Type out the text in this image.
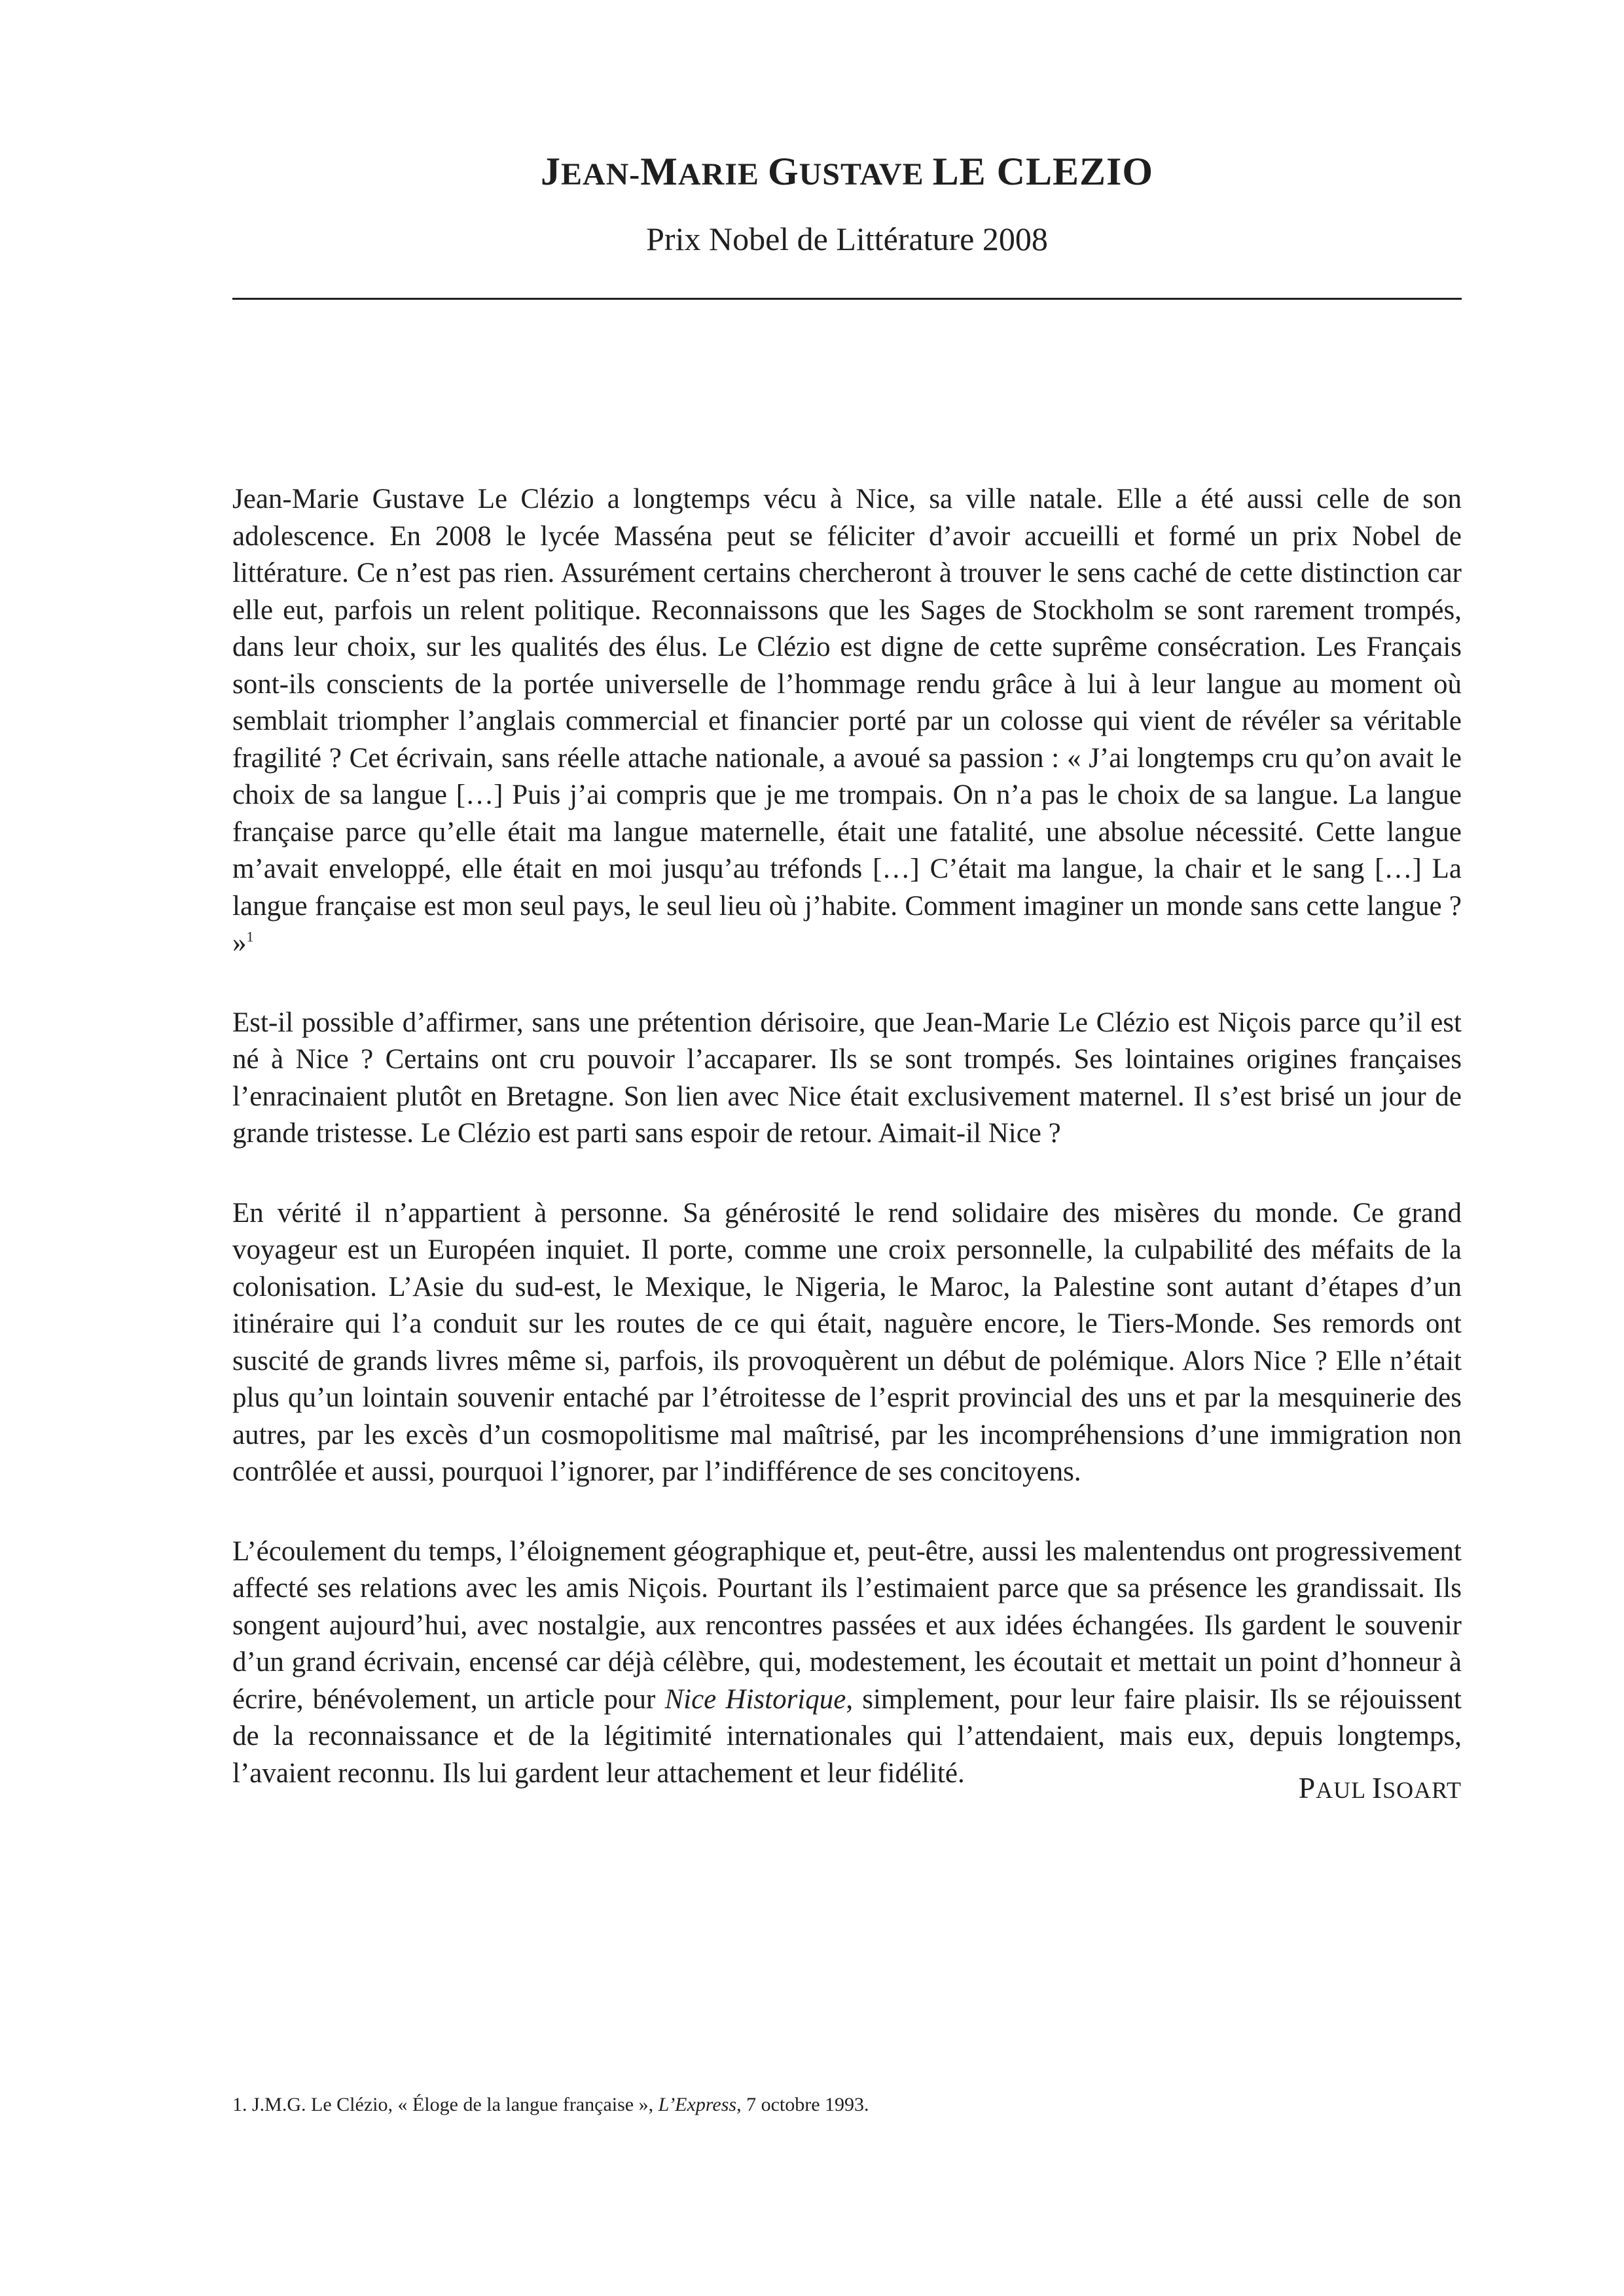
JEAN-MARIE GUSTAVE LE CLEZIO
Prix Nobel de Littérature 2008

Jean-Marie Gustave Le Clézio a longtemps vécu à Nice, sa ville natale. Elle a été aussi celle de son adolescence. En 2008 le lycée Masséna peut se féliciter d’avoir accueilli et formé un prix Nobel de littérature. Ce n’est pas rien. Assurément certains chercheront à trouver le sens caché de cette distinction car elle eut, parfois un relent politique. Reconnaissons que les Sages de Stockholm se sont rarement trompés, dans leur choix, sur les qualités des élus. Le Clézio est digne de cette suprême consécration. Les Français sont-ils conscients de la portée universelle de l’hommage rendu grâce à lui à leur langue au moment où semblait triompher l’anglais commercial et financier porté par un colosse qui vient de révéler sa véritable fragilité ? Cet écrivain, sans réelle attache nationale, a avoué sa passion : « J’ai longtemps cru qu’on avait le choix de sa langue […] Puis j’ai compris que je me trompais. On n’a pas le choix de sa langue. La langue française parce qu’elle était ma langue maternelle, était une fatalité, une absolue nécessité. Cette langue m’avait enveloppé, elle était en moi jusqu’au tréfonds […] C’était ma langue, la chair et le sang […] La langue française est mon seul pays, le seul lieu où j’habite. Comment imaginer un monde sans cette langue ? »$^1$

Est-il possible d’affirmer, sans une prétention dérisoire, que Jean-Marie Le Clézio est Niçois parce qu’il est né à Nice ? Certains ont cru pouvoir l’accaparer. Ils se sont trompés. Ses lointaines origines françaises l’enracinaient plutôt en Bretagne. Son lien avec Nice était exclusivement maternel. Il s’est brisé un jour de grande tristesse. Le Clézio est parti sans espoir de retour. Aimait-il Nice ?

En vérité il n’appartient à personne. Sa générosité le rend solidaire des misères du monde. Ce grand voyageur est un Européen inquiet. Il porte, comme une croix personnelle, la culpabilité des méfaits de la colonisation. L’Asie du sud-est, le Mexique, le Nigeria, le Maroc, la Palestine sont autant d’étapes d’un itinéraire qui l’a conduit sur les routes de ce qui était, naguère encore, le Tiers-Monde. Ses remords ont suscité de grands livres même si, parfois, ils provoquèrent un début de polémique. Alors Nice ? Elle n’était plus qu’un lointain souvenir entaché par l’étroitesse de l’esprit provincial des uns et par la mesquinerie des autres, par les excès d’un cosmopolitisme mal maîtrisé, par les incompréhensions d’une immigration non contrôlée et aussi, pourquoi l’ignorer, par l’indifférence de ses concitoyens.

L’écoulement du temps, l’éloignement géographique et, peut-être, aussi les malentendus ont progressivement affecté ses relations avec les amis Niçois. Pourtant ils l’estimaient parce que sa présence les grandissait. Ils songent aujourd’hui, avec nostalgie, aux rencontres passées et aux idées échangées. Ils gardent le souvenir d’un grand écrivain, encensé car déjà célèbre, qui, modestement, les écoutait et mettait un point d’honneur à écrire, bénévolement, un article pour Nice Historique, simplement, pour leur faire plaisir. Ils se réjouissent de la reconnaissance et de la légitimité internationales qui l’attendaient, mais eux, depuis longtemps, l’avaient reconnu. Ils lui gardent leur attachement et leur fidélité.	PAUL ISOART

1. J.M.G. Le Clézio, « Éloge de la langue française », L’Express, 7 octobre 1993.
